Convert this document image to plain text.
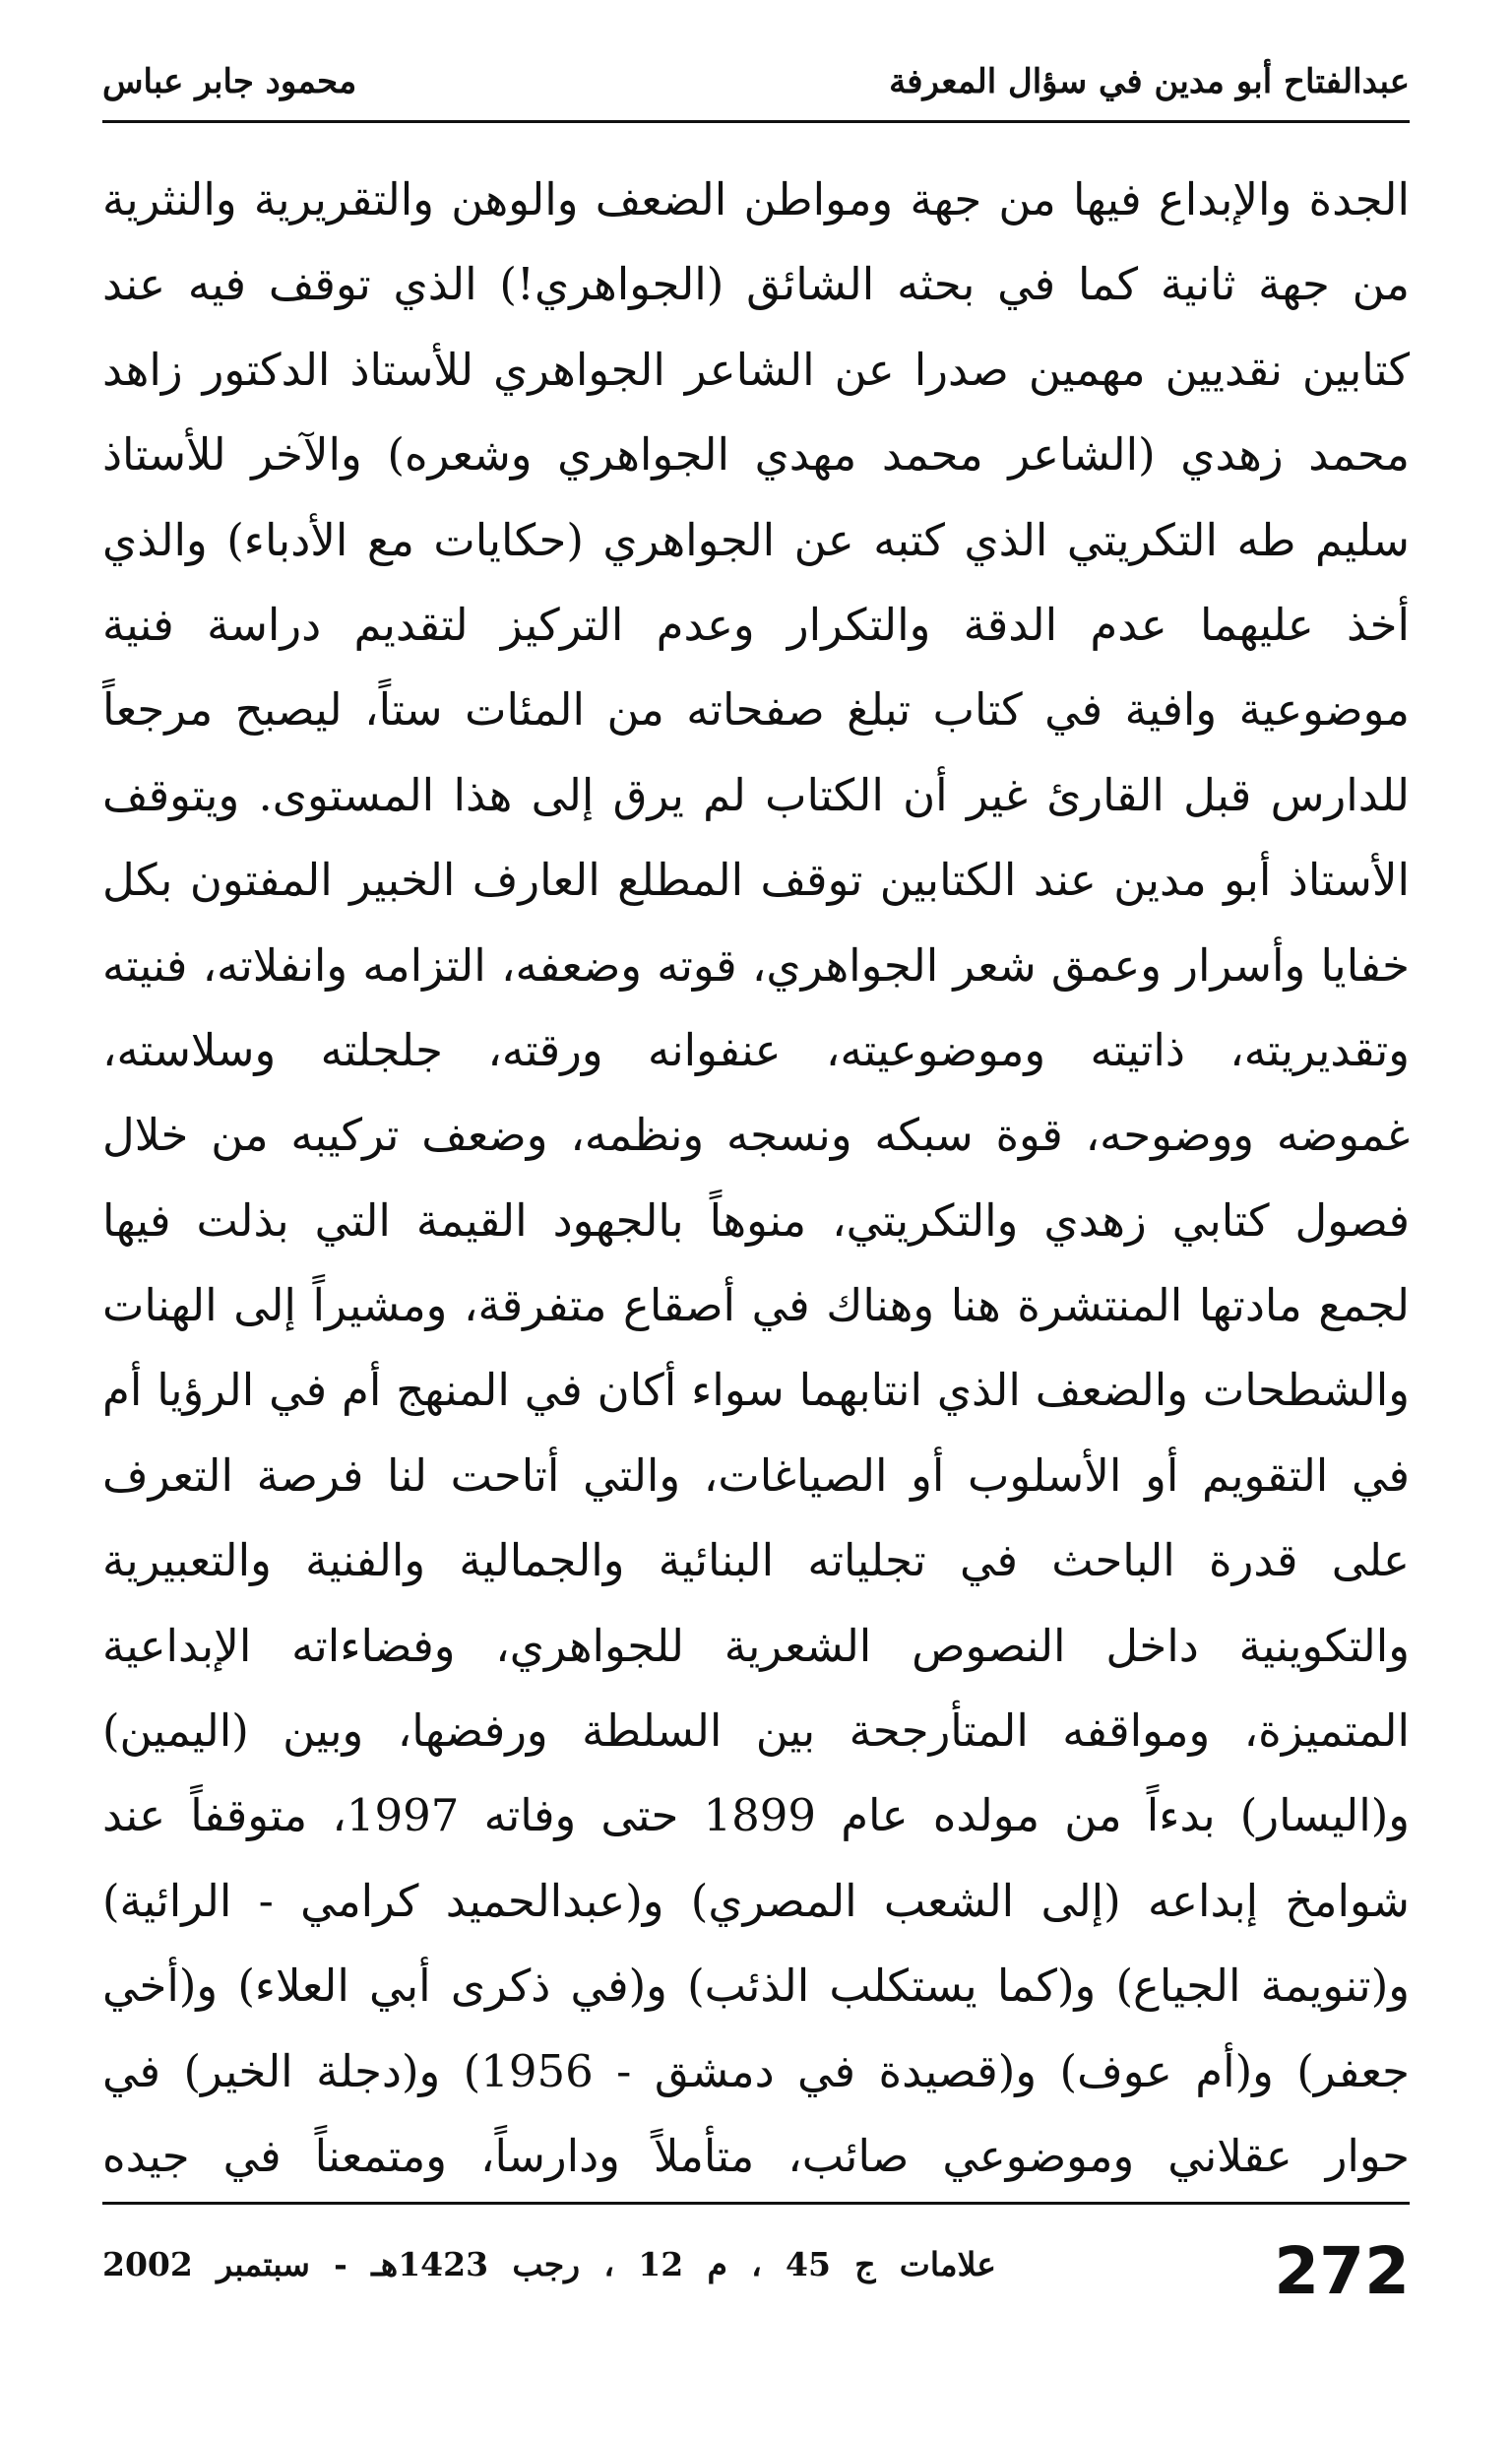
عبدالفتاح أبو مدين في سؤال المعرفة
محمود جابر عباس
الجدة والإبداع فيها من جهة ومواطن الضعف والوهن والتقريرية والنثرية
من جهة ثانية كما في بحثه الشائق (الجواهري!) الذي توقف فيه عند
كتابين نقديين مهمين صدرا عن الشاعر الجواهري للأستاذ الدكتور زاهد
محمد زهدي (الشاعر محمد مهدي الجواهري وشعره) والآخر للأستاذ
سليم طه التكريتي الذي كتبه عن الجواهري (حكايات مع الأدباء) والذي
أخذ عليهما عدم الدقة والتكرار وعدم التركيز لتقديم دراسة فنية
موضوعية وافية في كتاب تبلغ صفحاته من المئات ستاً، ليصبح مرجعاً
للدارس قبل القارئ غير أن الكتاب لم يرق إلى هذا المستوى. ويتوقف
الأستاذ أبو مدين عند الكتابين توقف المطلع العارف الخبير المفتون بكل
خفايا وأسرار وعمق شعر الجواهري، قوته وضعفه، التزامه وانفلاته، فنيته
وتقديريته، ذاتيته وموضوعيته، عنفوانه ورقته، جلجلته وسلاسته،
غموضه ووضوحه، قوة سبكه ونسجه ونظمه، وضعف تركيبه من خلال
فصول كتابي زهدي والتكريتي، منوهاً بالجهود القيمة التي بذلت فيها
لجمع مادتها المنتشرة هنا وهناك في أصقاع متفرقة، ومشيراً إلى الهنات
والشطحات والضعف الذي انتابهما سواء أكان في المنهج أم في الرؤيا أم
في التقويم أو الأسلوب أو الصياغات، والتي أتاحت لنا فرصة التعرف
على قدرة الباحث في تجلياته البنائية والجمالية والفنية والتعبيرية
والتكوينية داخل النصوص الشعرية للجواهري، وفضاءاته الإبداعية
المتميزة، ومواقفه المتأرجحة بين السلطة ورفضها، وبين (اليمين)
و(اليسار) بدءاً من مولده عام 1899 حتى وفاته 1997، متوقفاً عند
شوامخ إبداعه (إلى الشعب المصري) و(عبدالحميد كرامي - الرائية)
و(تنويمة الجياع) و(كما يستكلب الذئب) و(في ذكرى أبي العلاء) و(أخي
جعفر) و(أم عوف) و(قصيدة في دمشق - 1956) و(دجلة الخير) في
حوار عقلاني وموضوعي صائب، متأملاً ودارساً، ومتمعناً في جيده
272
علامات ج 45 ، م 12 ، رجب 1423هـ - سبتمبر 2002
